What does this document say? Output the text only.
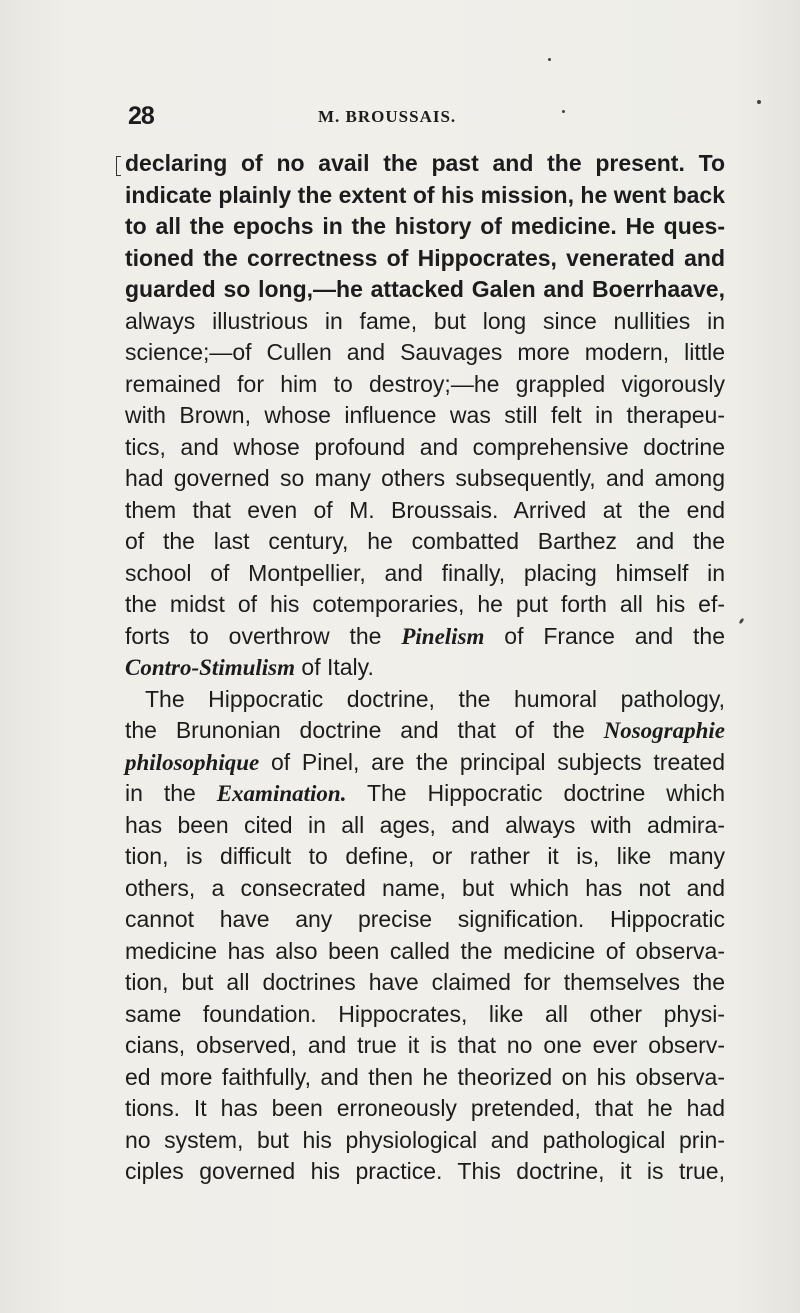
28	M. BROUSSAIS.
declaring of no avail the past and the present. To
indicate plainly the extent of his mission, he went back
to all the epochs in the history of medicine. He ques-
tioned the correctness of Hippocrates, venerated and
guarded so long,—he attacked Galen and Boerrhaave,
always illustrious in fame, but long since nullities in
science;—of Cullen and Sauvages more modern, little
remained for him to destroy;—he grappled vigorously
with Brown, whose influence was still felt in therapeu-
tics, and whose profound and comprehensive doctrine
had governed so many others subsequently, and among
them that even of M. Broussais. Arrived at the end
of the last century, he combatted Barthez and the
school of Montpellier, and finally, placing himself in
the midst of his cotemporaries, he put forth all his ef-
forts to overthrow the Pinelism of France and the
Contro-Stimulism of Italy.
The Hippocratic doctrine, the humoral pathology,
the Brunonian doctrine and that of the Nosographie
philosophique of Pinel, are the principal subjects treated
in the Examination. The Hippocratic doctrine which
has been cited in all ages, and always with admira-
tion, is difficult to define, or rather it is, like many
others, a consecrated name, but which has not and
cannot have any precise signification. Hippocratic
medicine has also been called the medicine of observa-
tion, but all doctrines have claimed for themselves the
same foundation. Hippocrates, like all other physi-
cians, observed, and true it is that no one ever observ-
ed more faithfully, and then he theorized on his observa-
tions. It has been erroneously pretended, that he had
no system, but his physiological and pathological prin-
ciples governed his practice. This doctrine, it is true,
